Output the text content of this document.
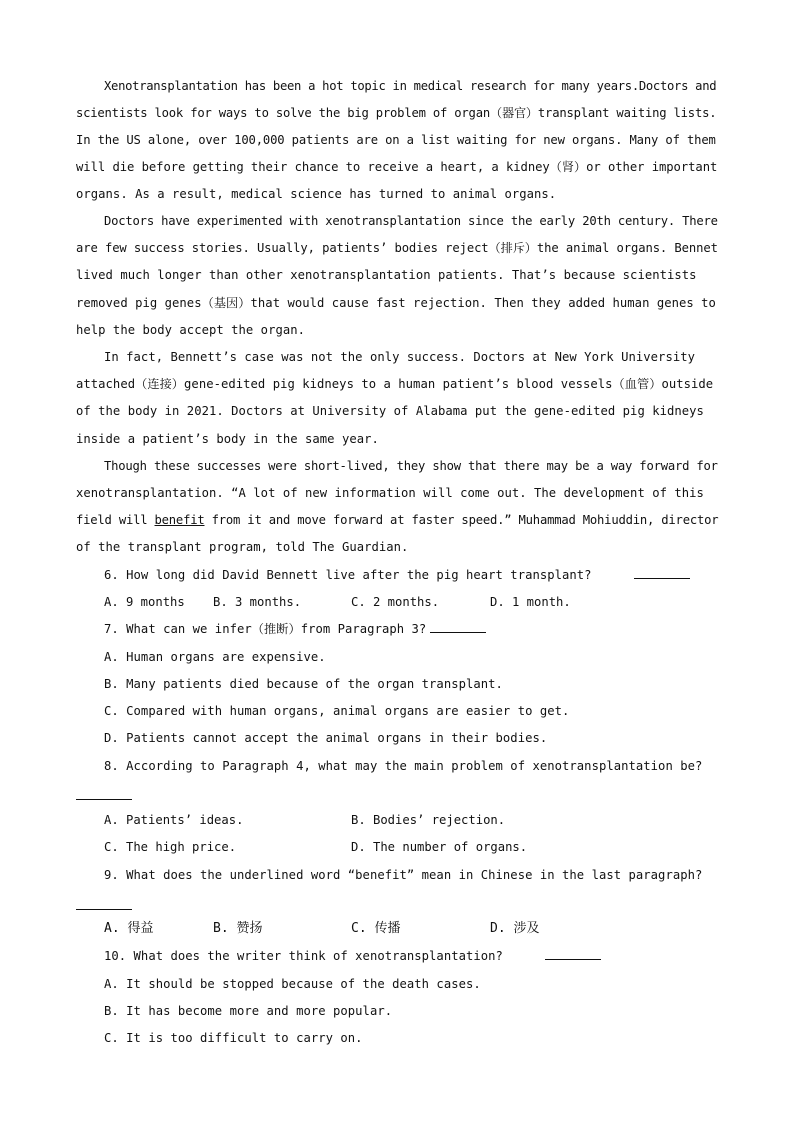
Xenotransplantation has been a hot topic in medical research for many years.Doctors and
scientists look for ways to solve the big problem of organ（器官）transplant waiting lists.
In the US alone, over 100,000 patients are on a list waiting for new organs. Many of them
will die before getting their chance to receive a heart, a kidney（肾）or other important
organs. As a result, medical science has turned to animal organs.
Doctors have experimented with xenotransplantation since the early 20th century. There
are few success stories. Usually, patients’ bodies reject（排斥）the animal organs. Bennet
lived much longer than other xenotransplantation patients. That’s because scientists
removed pig genes（基因）that would cause fast rejection. Then they added human genes to
help the body accept the organ.
In fact, Bennett’s case was not the only success. Doctors at New York University
attached（连接）gene-edited pig kidneys to a human patient’s blood vessels（血管）outside
of the body in 2021. Doctors at University of Alabama put the gene-edited pig kidneys
inside a patient’s body in the same year.
Though these successes were short-lived, they show that there may be a way forward for
xenotransplantation. “A lot of new information will come out. The development of this
field will benefit from it and move forward at faster speed.” Muhammad Mohiuddin, director
of the transplant program, told The Guardian.
6. How long did David Bennett live after the pig heart transplant?

A. 9 months

B. 3 months.

	C. 2 months.

	D. 1 month.

7. What can we infer（推断）from Paragraph 3?
A. Human organs are expensive.
B. Many patients died because of the organ transplant.
C. Compared with human organs, animal organs are easier to get.
D. Patients cannot accept the animal organs in their bodies.
8. According to Paragraph 4, what may the main problem of xenotransplantation be?

A. Patients’ ideas.

	B. Bodies’ rejection.

C. The high price.

	D. The number of organs.

9. What does the underlined word “benefit” mean in Chinese in the last paragraph?

A. 得益

	B. 赞扬

	C. 传播

	D. 涉及

10. What does the writer think of xenotransplantation?
A. It should be stopped because of the death cases.
B. It has become more and more popular.
C. It is too difficult to carry on.
